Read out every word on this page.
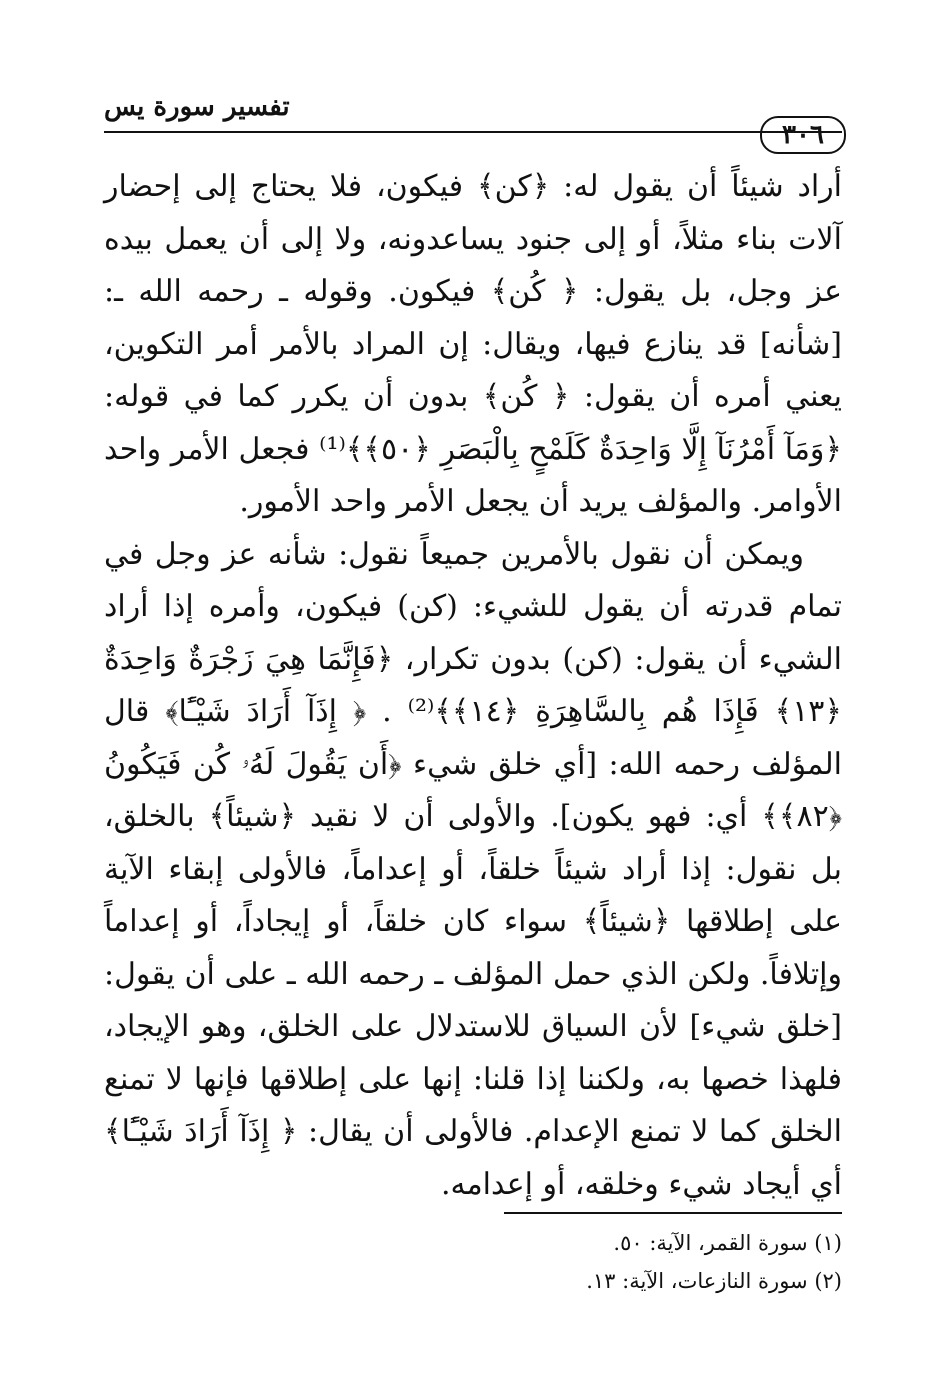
تفسير سورة يس
٣٠٦

أراد شيئاً أن يقول له: ﴿كن﴾ فيكون، فلا يحتاج إلى إحضار آلات بناء مثلاً، أو إلى جنود يساعدونه، ولا إلى أن يعمل بيده عز وجل، بل يقول: ﴿ كُن﴾ فيكون. وقوله ـ رحمه الله ـ: [شأنه] قد ينازع فيها، ويقال: إن المراد بالأمر أمر التكوين، يعني أمره أن يقول: ﴿ كُن﴾ بدون أن يكرر كما في قوله: ﴿وَمَآ أَمْرُنَآ إِلَّا وَاحِدَةٌ كَلَمْحٍ بِالْبَصَرِ ﴿٥٠﴾﴾⁽¹⁾ فجعل الأمر واحد الأوامر. والمؤلف يريد أن يجعل الأمر واحد الأمور.

ويمكن أن نقول بالأمرين جميعاً نقول: شأنه عز وجل في تمام قدرته أن يقول للشيء: (كن) فيكون، وأمره إذا أراد الشيء أن يقول: (كن) بدون تكرار، ﴿فَإِنَّمَا هِيَ زَجْرَةٌ وَاحِدَةٌ ﴿١٣﴾ فَإِذَا هُم بِالسَّاهِرَةِ ﴿١٤﴾﴾⁽²⁾ . ﴿ إِذَآ أَرَادَ شَيْـًٔا﴾ قال المؤلف رحمه الله: [أي خلق شيء ﴿أَن يَقُولَ لَهُۥ كُن فَيَكُونُ ﴿٨٢﴾﴾ أي: فهو يكون]. والأولى أن لا نقيد ﴿شيئاً﴾ بالخلق، بل نقول: إذا أراد شيئاً خلقاً، أو إعداماً، فالأولى إبقاء الآية على إطلاقها ﴿شيئاً﴾ سواء كان خلقاً، أو إيجاداً، أو إعداماً وإتلافاً. ولكن الذي حمل المؤلف ـ رحمه الله ـ على أن يقول: [خلق شيء] لأن السياق للاستدلال على الخلق، وهو الإيجاد، فلهذا خصها به، ولكننا إذا قلنا: إنها على إطلاقها فإنها لا تمنع الخلق كما لا تمنع الإعدام. فالأولى أن يقال: ﴿ إِذَآ أَرَادَ شَيْـًٔا﴾ أي أيجاد شيء وخلقه، أو إعدامه.

(١) سورة القمر، الآية: ٥٠.
(٢) سورة النازعات، الآية: ١٣.
